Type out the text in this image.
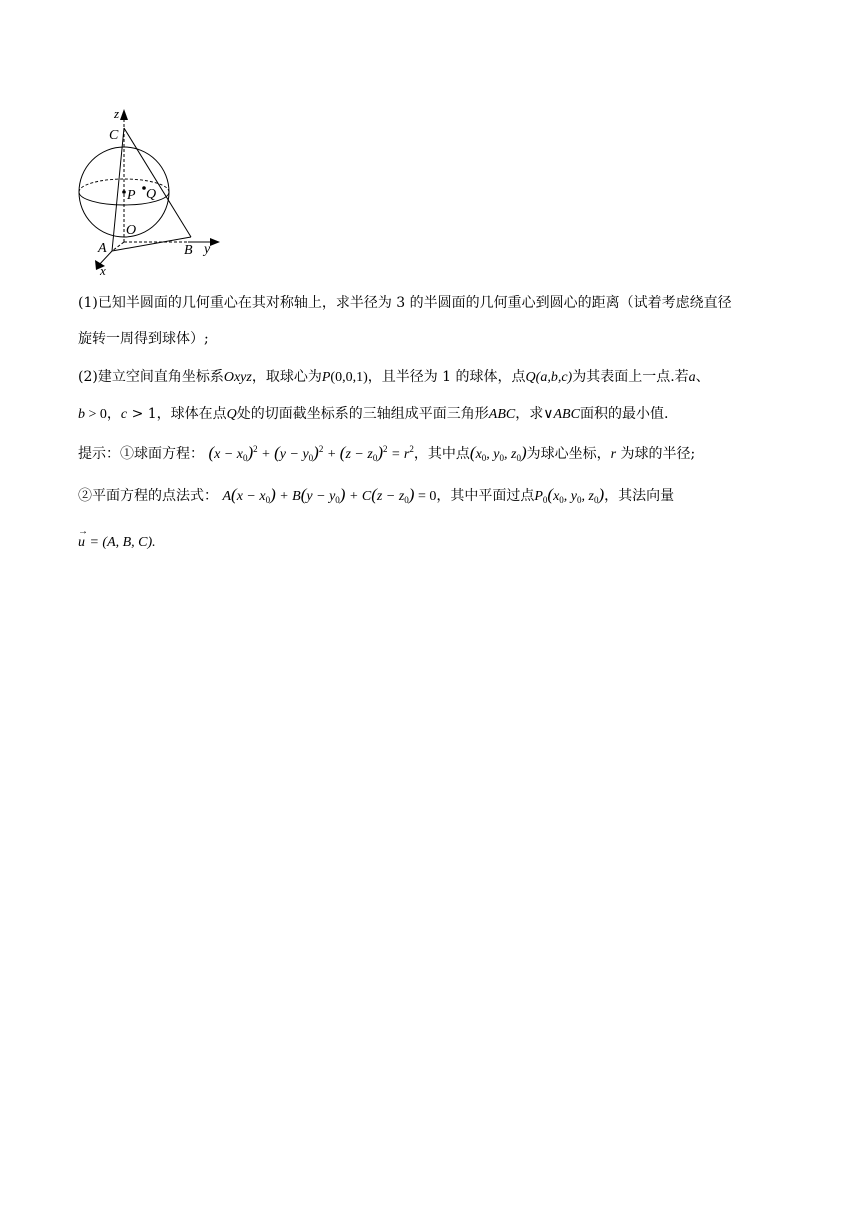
z
C
P Q
O
A	B y
x
(1)已知半圆面的几何重心在其对称轴上，求半径为 3 的半圆面的几何重心到圆心的距离（试着考虑绕直径
旋转一周得到球体）;
(2)建立空间直角坐标系Oxyz，取球心为P(0,0,1)，且半径为 1 的球体，点Q(a,b,c)为其表面上一点.若a、
b > 0，c > 1，球体在点Q处的切面截坐标系的三轴组成平面三角形ABC，求∨ABC面积的最小值.
提示：①球面方程： $(x - x_0)^2 + (y - y_0)^2 + (z - z_0)^2 = r^2$，其中点($x_0$, $y_0$, $z_0$)为球心坐标，r 为球的半径;
②平面方程的点法式： $A(x - x_0) + B(y - y_0) + C(z - z_0) = 0$，其中平面过点$P_0(x_0$, $y_0$, $z_0$)，其法向量
→
u = (A, B, C).
